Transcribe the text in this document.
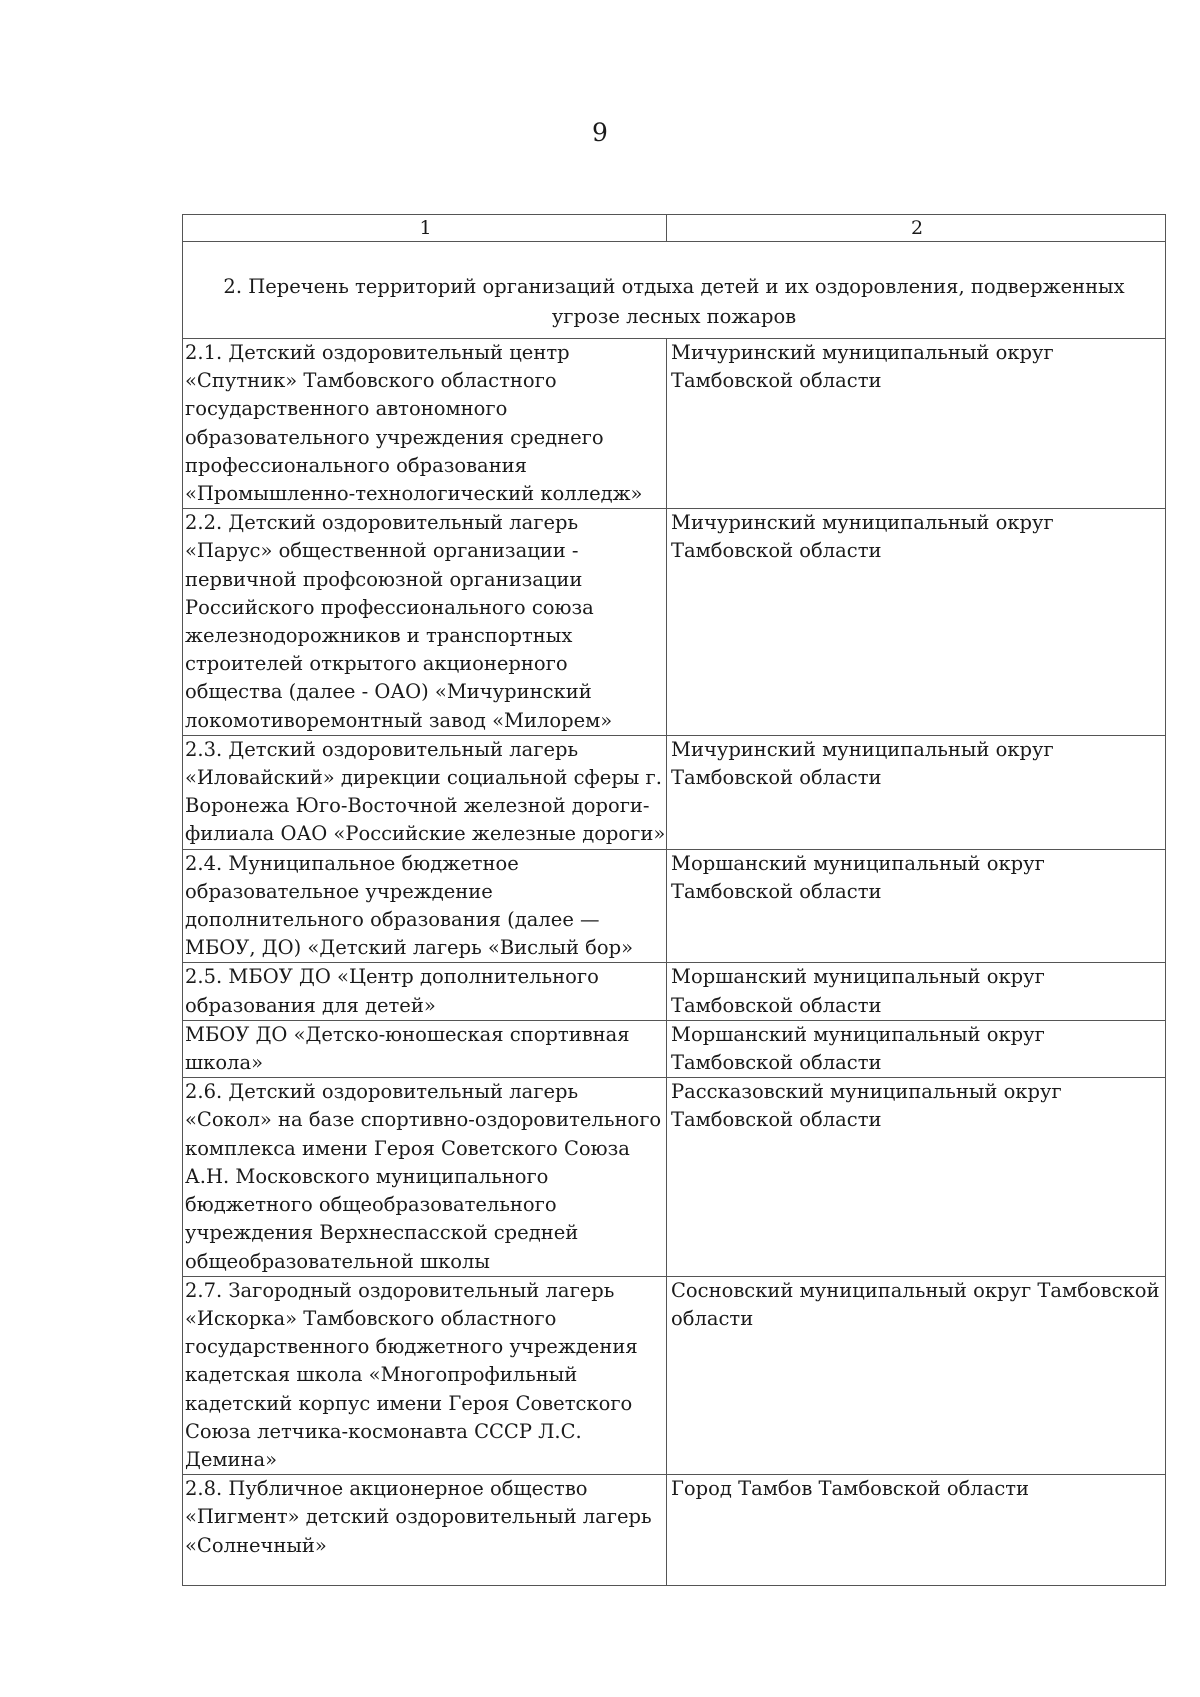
9
1	2
2. Перечень территорий организаций отдыха детей и их оздоровления, подверженных угрозе лесных пожаров	
2.1. Детский оздоровительный центр «Спутник» Тамбовского областного государственного автономного образовательного учреждения среднего профессионального образования «Промышленно-технологический колледж»	Мичуринский муниципальный округ Тамбовской области
2.2. Детский оздоровительный лагерь «Парус» общественной организации - первичной профсоюзной организации Российского профессионального союза железнодорожников и транспортных строителей открытого акционерного общества (далее - ОАО) «Мичуринский локомотиворемонтный завод «Милорем»	Мичуринский муниципальный округ Тамбовской области
2.3. Детский оздоровительный лагерь «Иловайский» дирекции социальной сферы г. Воронежа Юго-Восточной железной дороги-филиала ОАО «Российские железные дороги»	Мичуринский муниципальный округ Тамбовской области
2.4. Муниципальное бюджетное образовательное учреждение дополнительного образования (далее — МБОУ, ДО) «Детский лагерь «Вислый бор»	Моршанский муниципальный округ Тамбовской области
2.5. МБОУ ДО «Центр дополнительного образования для детей»	Моршанский муниципальный округ Тамбовской области
МБОУ ДО «Детско-юношеская спортивная школа»	Моршанский муниципальный округ Тамбовской области
2.6. Детский оздоровительный лагерь «Сокол» на базе спортивно-оздоровительного комплекса имени Героя Советского Союза А.Н. Московского муниципального бюджетного общеобразовательного учреждения Верхнеспасской средней общеобразовательной школы	Рассказовский муниципальный округ Тамбовской области
2.7. Загородный оздоровительный лагерь «Искорка» Тамбовского областного государственного бюджетного учреждения кадетская школа «Многопрофильный кадетский корпус имени Героя Советского Союза летчика-космонавта СССР Л.С. Демина»	Сосновский муниципальный округ Тамбовской области
2.8. Публичное акционерное общество «Пигмент» детский оздоровительный лагерь «Солнечный»	Город Тамбов Тамбовской области
